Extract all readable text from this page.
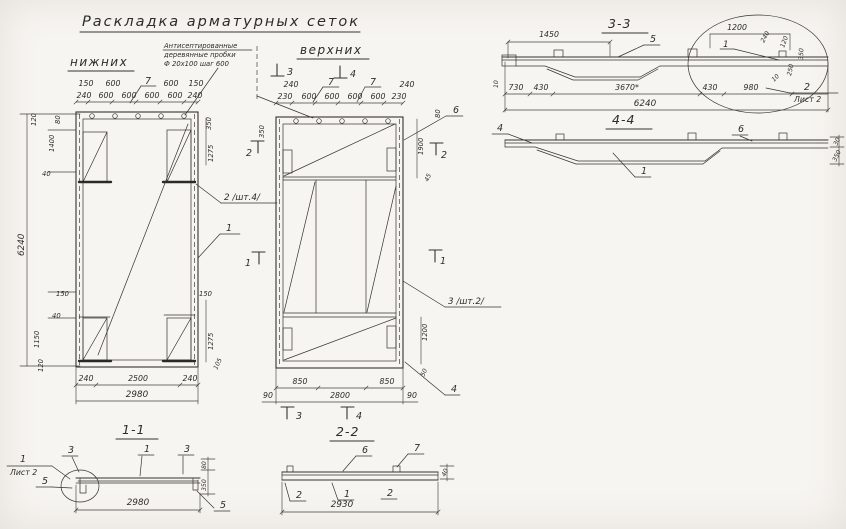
Раскладка арматурных сеток
Антисептированные
деревянные пробки
Ф 20х100 шаг 600
нижних
150 600	600 150
7
240 600 600 600 600 240
120 80
1400
40
6240
150
40
1150
120
350
1275
150
1275
105
240	2500	240
2980
2 /шт.4/
1
верхних
3	4
240	240
7	7
230 600 600 600 600 230
350
80
1900
45
2	2
1	1
6
3 /шт.2/
4
1200
50
850	850
90	2800	90
3	4
3-3
1450	5
1200
1
240 120
350
250
10
10 730 430	3670*	430	980
6240
2
Лист 2
4-4
4	6
1
30
350
1-1
1
Лист 2
3	1	3
5
80
350
5
2980
2-2
6	7
2	1	2
40
2930
